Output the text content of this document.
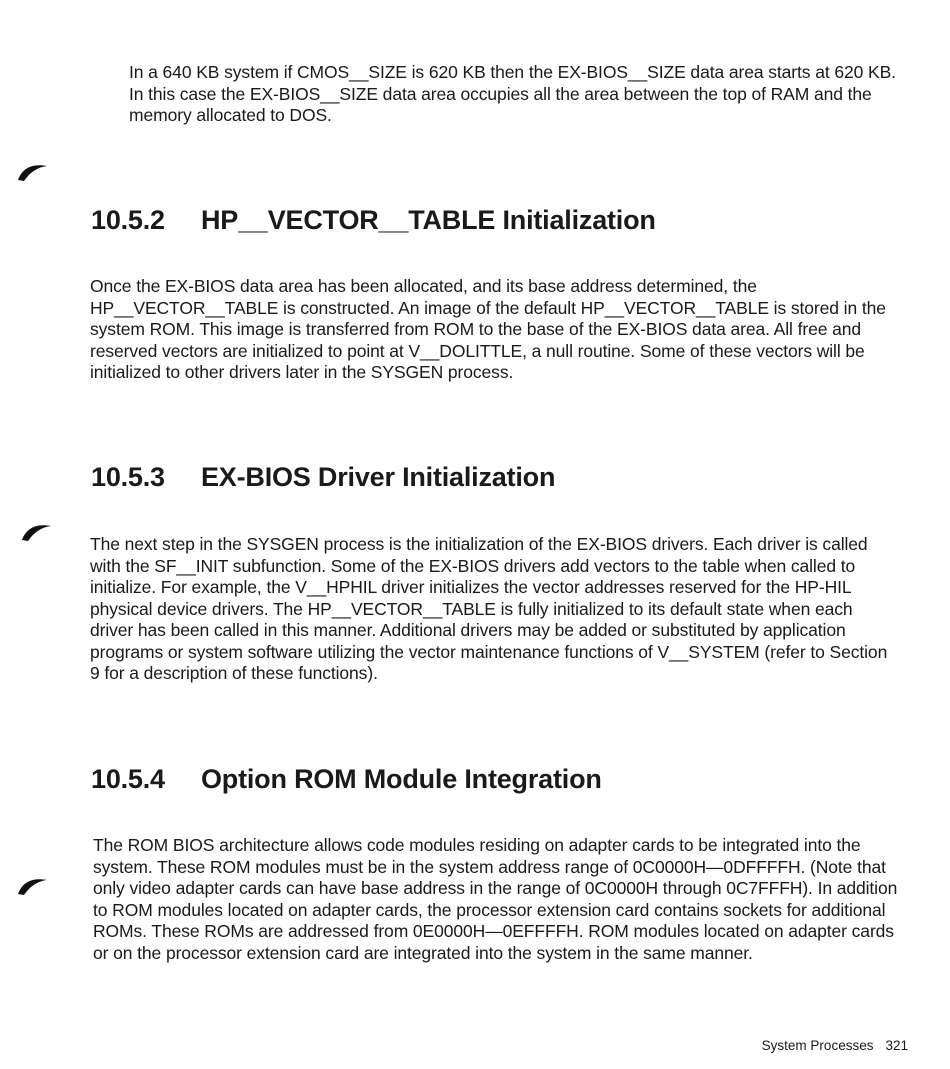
In a 640 KB system if CMOS__SIZE is 620 KB then the EX-BIOS__SIZE data area starts at 620 KB. In this case the EX-BIOS__SIZE data area occupies all the area between the top of RAM and the memory allocated to DOS.

10.5.2 HP__VECTOR__TABLE Initialization

Once the EX-BIOS data area has been allocated, and its base address determined, the HP__VECTOR__TABLE is constructed. An image of the default HP__VECTOR__TABLE is stored in the system ROM. This image is transferred from ROM to the base of the EX-BIOS data area. All free and reserved vectors are initialized to point at V__DOLITTLE, a null routine. Some of these vectors will be initialized to other drivers later in the SYSGEN process.

10.5.3 EX-BIOS Driver Initialization

The next step in the SYSGEN process is the initialization of the EX-BIOS drivers. Each driver is called with the SF__INIT subfunction. Some of the EX-BIOS drivers add vectors to the table when called to initialize. For example, the V__HPHIL driver initializes the vector addresses reserved for the HP-HIL physical device drivers. The HP__VECTOR__TABLE is fully initialized to its default state when each driver has been called in this manner. Additional drivers may be added or substituted by application programs or system software utilizing the vector maintenance functions of V__SYSTEM (refer to Section 9 for a description of these functions).

10.5.4 Option ROM Module Integration

The ROM BIOS architecture allows code modules residing on adapter cards to be integrated into the system. These ROM modules must be in the system address range of 0C0000H—0DFFFFH. (Note that only video adapter cards can have base address in the range of 0C0000H through 0C7FFFH). In addition to ROM modules located on adapter cards, the processor extension card contains sockets for additional ROMs. These ROMs are addressed from 0E0000H—0EFFFFH. ROM modules located on adapter cards or on the processor extension card are integrated into the system in the same manner.

System Processes 321
